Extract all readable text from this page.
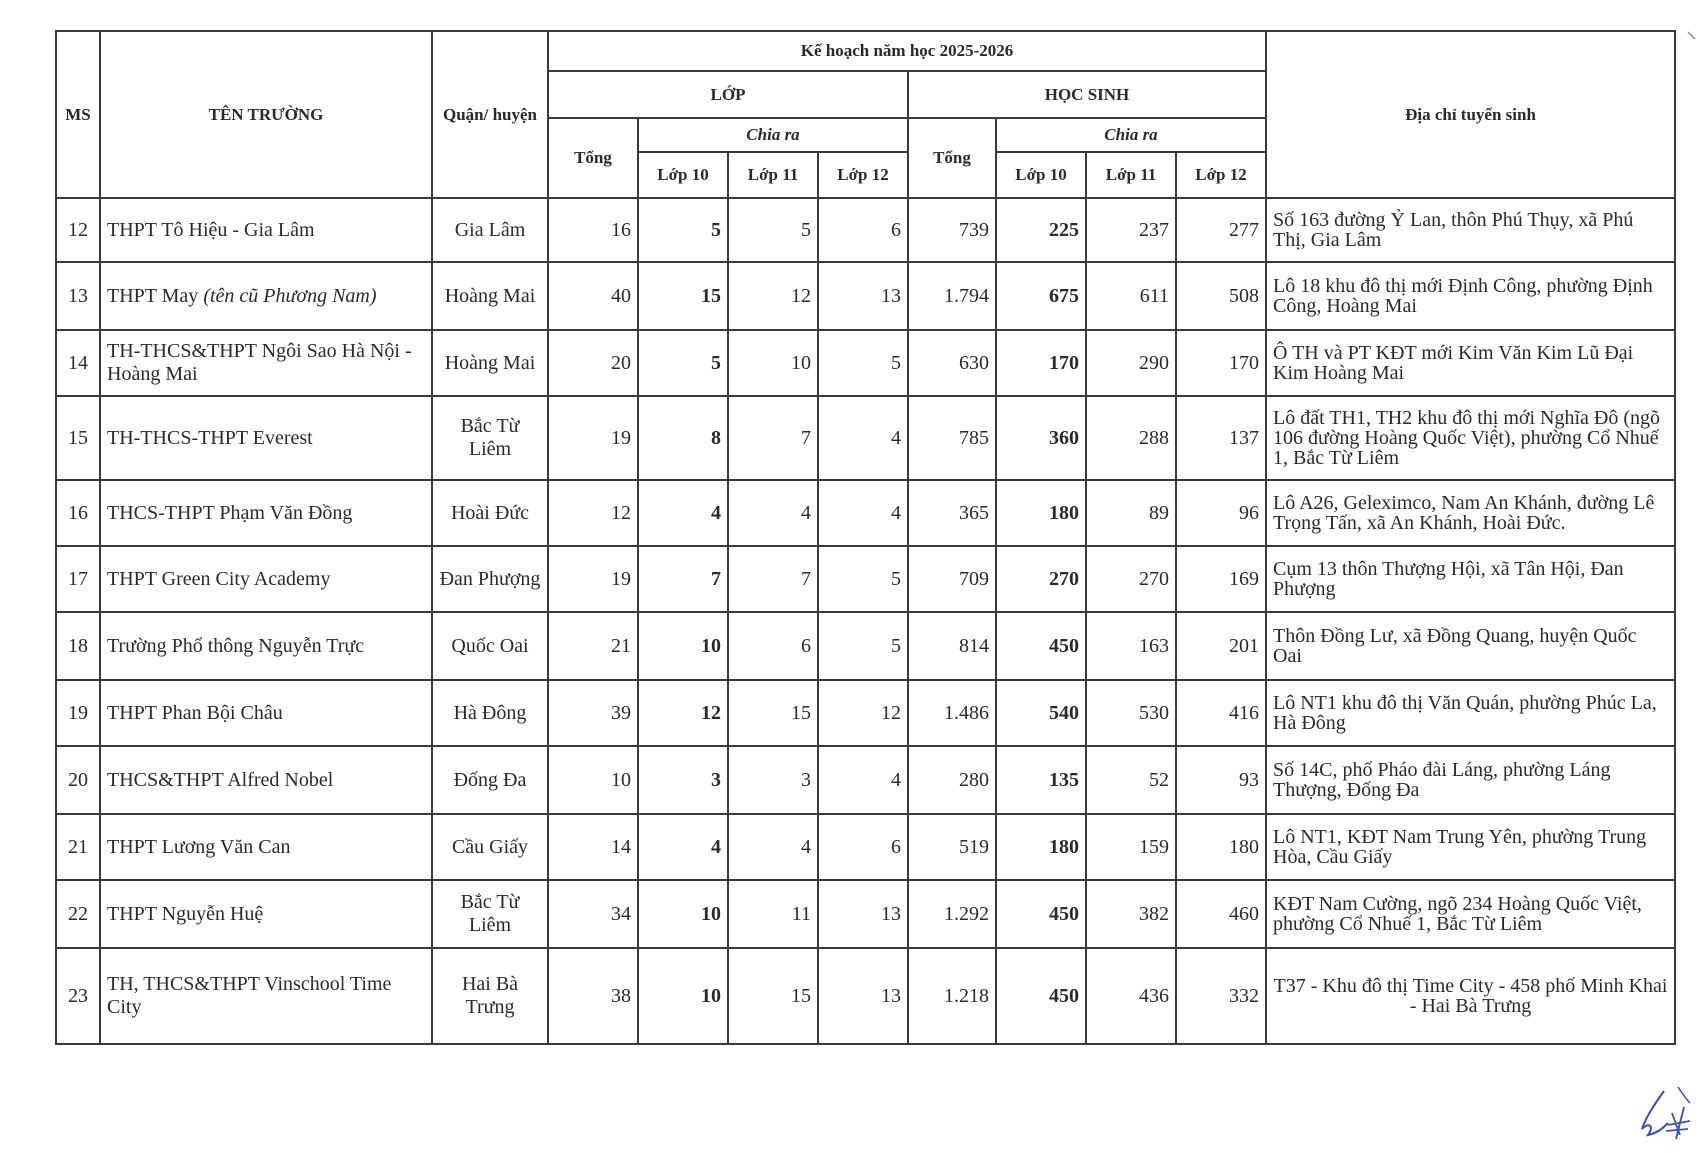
MS	TÊN TRƯỜNG	Quận/ huyện	Kế hoạch năm học 2025-2026								Địa chỉ tuyển sinh
			LỚP				HỌC SINH				
			Tổng	Chia ra			Tổng	Chia ra			
				Lớp 10	Lớp 11	Lớp 12		Lớp 10	Lớp 11	Lớp 12	
12	THPT Tô Hiệu - Gia Lâm	Gia Lâm	16	5	5	6	739	225	237	277	Số 163 đường Ỷ Lan, thôn Phú Thụy, xã Phú Thị, Gia Lâm
13	THPT May (tên cũ Phương Nam)	Hoàng Mai	40	15	12	13	1.794	675	611	508	Lô 18 khu đô thị mới Định Công, phường Định Công, Hoàng Mai
14	TH-THCS&THPT Ngôi Sao Hà Nội - Hoàng Mai	Hoàng Mai	20	5	10	5	630	170	290	170	Ô TH và PT KĐT mới Kim Văn Kim Lũ Đại Kim Hoàng Mai
15	TH-THCS-THPT Everest	Bắc Từ Liêm	19	8	7	4	785	360	288	137	Lô đất TH1, TH2 khu đô thị mới Nghĩa Đô (ngõ 106 đường Hoàng Quốc Việt), phường Cổ Nhuế 1, Bắc Từ Liêm
16	THCS-THPT Phạm Văn Đồng	Hoài Đức	12	4	4	4	365	180	89	96	Lô A26, Geleximco, Nam An Khánh, đường Lê Trọng Tấn, xã An Khánh, Hoài Đức.
17	THPT Green City Academy	Đan Phượng	19	7	7	5	709	270	270	169	Cụm 13 thôn Thượng Hội, xã Tân Hội, Đan Phượng
18	Trường Phổ thông Nguyễn Trực	Quốc Oai	21	10	6	5	814	450	163	201	Thôn Đồng Lư, xã Đồng Quang, huyện Quốc Oai
19	THPT Phan Bội Châu	Hà Đông	39	12	15	12	1.486	540	530	416	Lô NT1 khu đô thị Văn Quán, phường Phúc La, Hà Đông
20	THCS&THPT Alfred Nobel	Đống Đa	10	3	3	4	280	135	52	93	Số 14C, phố Pháo đài Láng, phường Láng Thượng, Đống Đa
21	THPT Lương Văn Can	Cầu Giấy	14	4	4	6	519	180	159	180	Lô NT1, KĐT Nam Trung Yên, phường Trung Hòa, Cầu Giấy
22	THPT Nguyễn Huệ	Bắc Từ Liêm	34	10	11	13	1.292	450	382	460	KĐT Nam Cường, ngõ 234 Hoàng Quốc Việt, phường Cổ Nhuế 1, Bắc Từ Liêm
23	TH, THCS&THPT Vinschool Time City	Hai Bà Trưng	38	10	15	13	1.218	450	436	332	T37 - Khu đô thị Time City - 458 phố Minh Khai - Hai Bà Trưng
